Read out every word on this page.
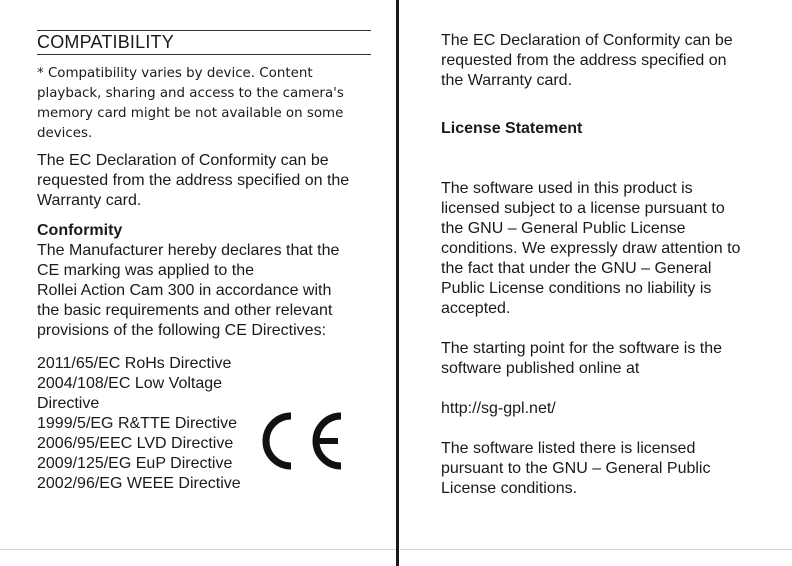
COMPATIBILITY

* Compatibility varies by device. Content playback, sharing and access to the camera's memory card might be not available on some devices.

The EC Declaration of Conformity can be requested from the address specified on the Warranty card.

Conformity

The Manufacturer hereby declares that the
CE marking was applied to the
Rollei Action Cam 300 in accordance with
the basic requirements and other relevant
provisions of the following CE Directives:

2011/65/EC RoHs Directive
2004/108/EC Low Voltage Directive
1999/5/EG R&TTE Directive
2006/95/EEC LVD Directive
2009/125/EG EuP Directive
2002/96/EG WEEE Directive

The EC Declaration of Conformity can be
requested from the address specified on
the Warranty card.

License Statement

The software used in this product is
licensed subject to a license pursuant to
the GNU – General Public License
conditions. We expressly draw attention to
the fact that under the GNU – General
Public License conditions no liability is
accepted.

The starting point for the software is the
software published online at

http://sg-gpl.net/

The software listed there is licensed
pursuant to the GNU – General Public
License conditions.
